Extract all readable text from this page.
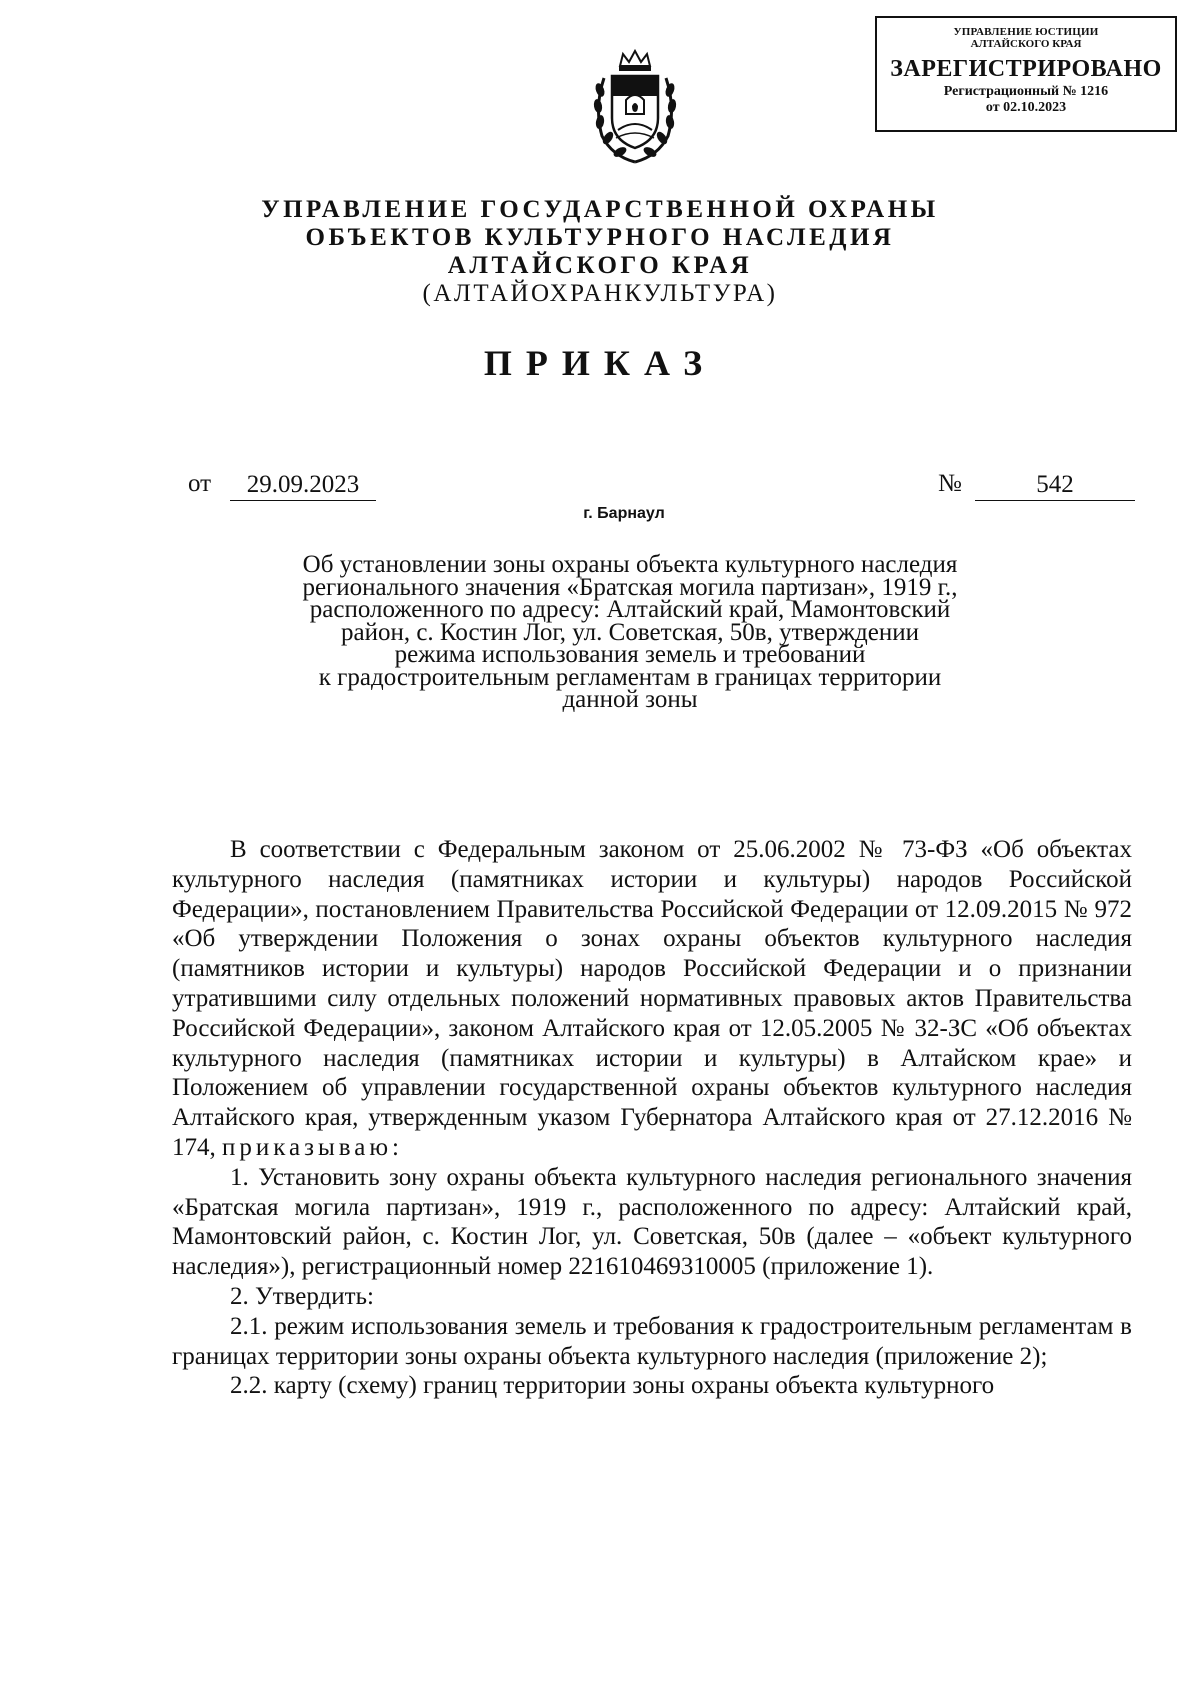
УПРАВЛЕНИЕ ЮСТИЦИИ
АЛТАЙСКОГО КРАЯ
ЗАРЕГИСТРИРОВАНО
Регистрационный № 1216
от 02.10.2023
УПРАВЛЕНИЕ ГОСУДАРСТВЕННОЙ ОХРАНЫ
ОБЪЕКТОВ КУЛЬТУРНОГО НАСЛЕДИЯ
АЛТАЙСКОГО КРАЯ
(АЛТАЙОХРАНКУЛЬТУРА)
ПРИКАЗ
от	29.09.2023	№	542
г. Барнаул
Об установлении зоны охраны объекта культурного наследия
регионального значения «Братская могила партизан», 1919 г.,
расположенного по адресу: Алтайский край, Мамонтовский
район, с. Костин Лог, ул. Советская, 50в, утверждении
режима использования земель и требований
к градостроительным регламентам в границах территории
данной зоны

В соответствии с Федеральным законом от 25.06.2002 № 73-ФЗ «Об объектах культурного наследия (памятниках истории и культуры) народов Российской Федерации», постановлением Правительства Российской Федерации от 12.09.2015 № 972 «Об утверждении Положения о зонах охраны объектов культурного наследия (памятников истории и культуры) народов Российской Федерации и о признании утратившими силу отдельных положений нормативных правовых актов Правительства Российской Федерации», законом Алтайского края от 12.05.2005 № 32-ЗС «Об объектах культурного наследия (памятниках истории и культуры) в Алтайском крае» и Положением об управлении государственной охраны объектов культурного наследия Алтайского края, утвержденным указом Губернатора Алтайского края от 27.12.2016 № 174, приказываю:

1. Установить зону охраны объекта культурного наследия регионального значения «Братская могила партизан», 1919 г., расположенного по адресу: Алтайский край, Мамонтовский район, с. Костин Лог, ул. Советская, 50в (далее – «объект культурного наследия»), регистрационный номер 221610469310005 (приложение 1).

2. Утвердить:

2.1. режим использования земель и требования к градостроительным регламентам в границах территории зоны охраны объекта культурного наследия (приложение 2);

2.2. карту (схему) границ территории зоны охраны объекта культурного
